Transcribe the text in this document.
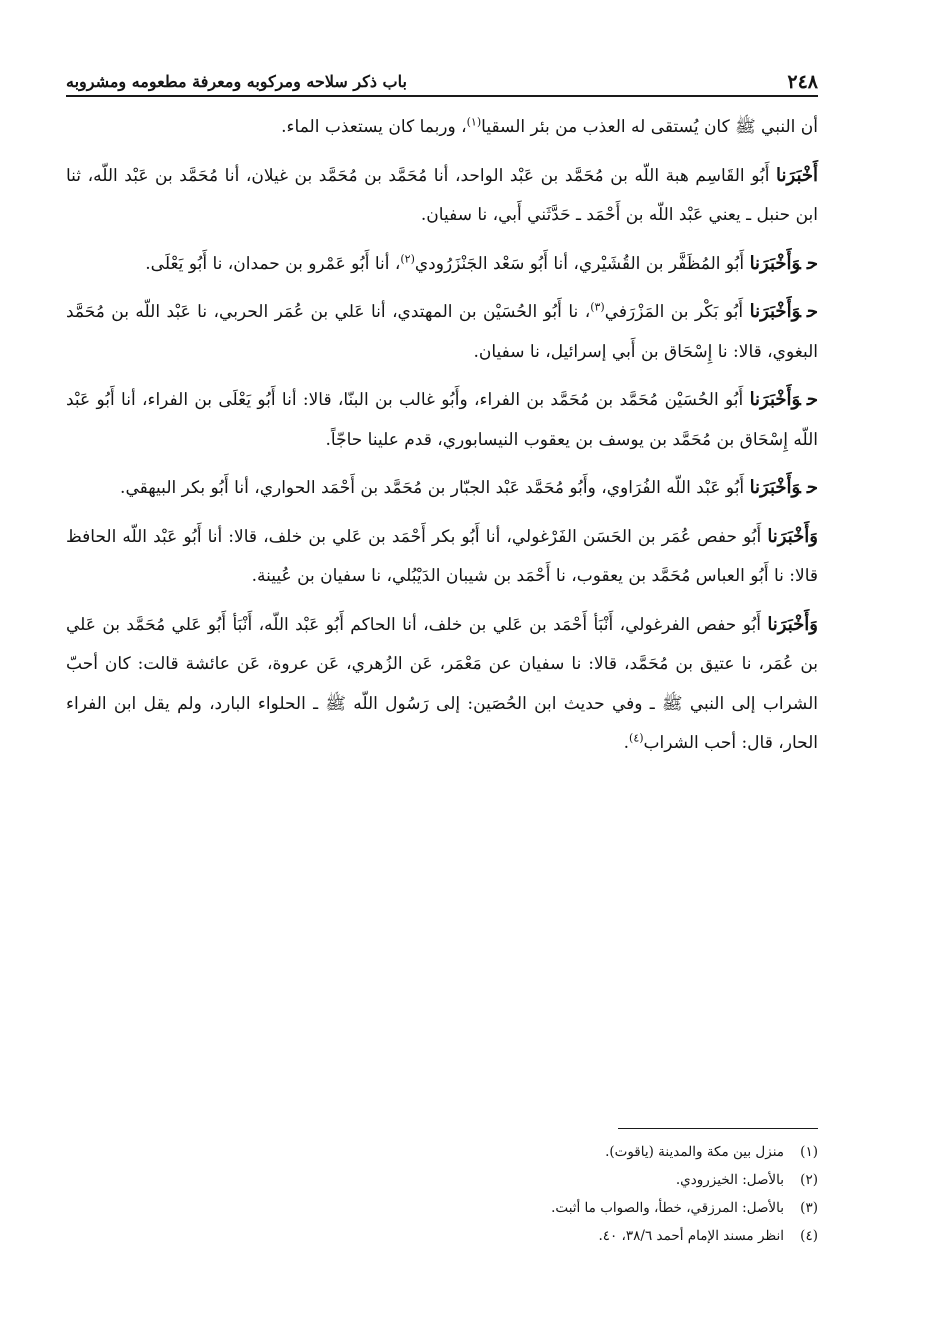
٢٤٨
باب ذكر سلاحه ومركوبه ومعرفة مطعومه ومشروبه

أن النبي ﷺ كان يُستقى له العذب من بئر السقيا$^{(١)}$، وربما كان يستعذب الماء.

أَخْبَرَنا أَبُو القَاسِم هبة اللّه بن مُحَمَّد بن عَبْد الواحد، أنا مُحَمَّد بن مُحَمَّد بن غيلان، أنا مُحَمَّد بن عَبْد اللّه، ثنا ابن حنبل ـ يعني عَبْد اللّه بن أَحْمَد ـ حَدَّثَني أَبي، نا سفيان.

حوَأَخْبَرَنا أَبُو المُظَفَّر بن القُشَيْري، أنا أَبُو سَعْد الجَنْزَرُودي$^{(٢)}$، أنا أَبُو عَمْرو بن حمدان، نا أَبُو يَعْلَى.

حوَأَخْبَرَنا أَبُو بَكْر بن المَزْرَفي$^{(٣)}$، نا أَبُو الحُسَيْن بن المهتدي، أنا عَلي بن عُمَر الحربي، نا عَبْد اللّه بن مُحَمَّد البغوي، قالا: نا إِسْحَاق بن أَبي إسرائيل، نا سفيان.

حوَأَخْبَرَنا أَبُو الحُسَيْن مُحَمَّد بن مُحَمَّد بن الفراء، وأَبُو غالب بن البنّا، قالا: أنا أَبُو يَعْلَى بن الفراء، أنا أَبُو عَبْد اللّه إِسْحَاق بن مُحَمَّد بن يوسف بن يعقوب النيسابوري، قدم علينا حاجّاً.

حوَأَخْبَرَنا أَبُو عَبْد اللّه الفُرَاوي، وأَبُو مُحَمَّد عَبْد الجبّار بن مُحَمَّد بن أَحْمَد الحواري، أنا أَبُو بكر البيهقي.

وَأَخْبَرَنا أَبُو حفص عُمَر بن الحَسَن الفَرْغولي، أنا أَبُو بكر أَحْمَد بن عَلي بن خلف، قالا: أنا أَبُو عَبْد اللّه الحافظ قالا: نا أَبُو العباس مُحَمَّد بن يعقوب، نا أَحْمَد بن شيبان الدَيْبُلي، نا سفيان بن عُيينة.

وَأَخْبَرَنا أَبُو حفص الفرغولي، أَنْبَأ أَحْمَد بن عَلي بن خلف، أنا الحاكم أَبُو عَبْد اللّه، أَنْبَأ أَبُو عَلي مُحَمَّد بن عَلي بن عُمَر، نا عتيق بن مُحَمَّد، قالا: نا سفيان عن مَعْمَر، عَن الزُهري، عَن عروة، عَن عائشة قالت: كان أحبّ الشراب إلى النبي ﷺ ـ وفي حديث ابن الحُصَين: إلى رَسُول اللّه ﷺ ـ الحلواء البارد، ولم يقل ابن الفراء الحار، قال: أحب الشراب$^{(٤)}$.

(١)
منزل بين مكة والمدينة (ياقوت).
(٢)
بالأصل: الخيزرودي.
(٣)
بالأصل: المرزقي، خطأ، والصواب ما أثبت.
(٤)
انظر مسند الإمام أحمد ٣٨/٦، ٤٠.
